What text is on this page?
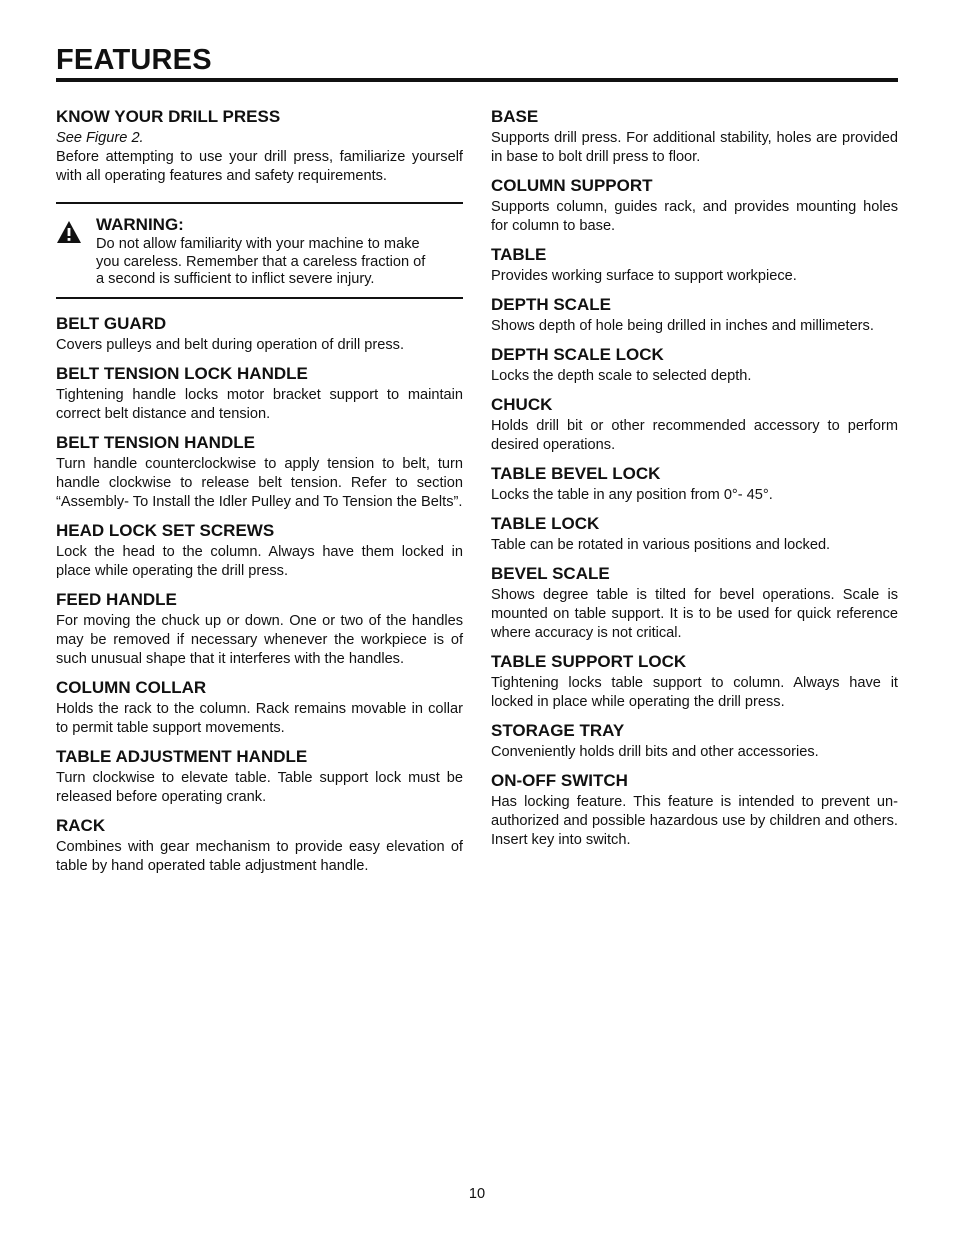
FEATURES
KNOW YOUR DRILL PRESS
See Figure 2.
Before attempting to use your drill press, familiarize yourself with all operating features and safety requirements.
WARNING:
Do not allow familiarity with your machine to make you careless. Remember that a careless fraction of a second is sufficient to inflict severe injury.
BELT GUARD
Covers pulleys and belt during operation of drill press.
BELT TENSION LOCK HANDLE
Tightening handle locks motor bracket support to maintain correct belt distance and tension.
BELT TENSION HANDLE
Turn handle counterclockwise to apply tension to belt, turn handle clockwise to release belt tension. Refer to section “Assembly- To Install the Idler Pulley and To Tension the Belts”.
HEAD LOCK SET SCREWS
Lock the head to the column. Always have them locked in place while operating the drill press.
FEED HANDLE
For moving the chuck up or down. One or two of the handles may be removed if necessary whenever the workpiece is of such unusual shape that it interferes with the handles.
COLUMN COLLAR
Holds the rack to the column. Rack remains movable in collar to permit table support movements.
TABLE ADJUSTMENT HANDLE
Turn clockwise to elevate table. Table support lock must be released before operating crank.
RACK
Combines with gear mechanism to provide easy elevation of table by hand operated table adjustment handle.
BASE
Supports drill press. For additional stability, holes are provided in base to bolt drill press to floor.
COLUMN SUPPORT
Supports column, guides rack, and provides mounting holes for column to base.
TABLE
Provides working surface to support workpiece.
DEPTH SCALE
Shows depth of hole being drilled in inches and millimeters.
DEPTH SCALE LOCK
Locks the depth scale to selected depth.
CHUCK
Holds drill bit or other recommended accessory to perform desired operations.
TABLE BEVEL LOCK
Locks the table in any position from 0°- 45°.
TABLE LOCK
Table can be rotated in various positions and locked.
BEVEL SCALE
Shows degree table is tilted for bevel operations. Scale is mounted on table support. It is to be used for quick reference where accuracy is not critical.
TABLE SUPPORT LOCK
Tightening locks table support to column. Always have it locked in place while operating the drill press.
STORAGE TRAY
Conveniently holds drill bits and other accessories.
ON-OFF SWITCH
Has locking feature. This feature is intended to prevent un-authorized and possible hazardous use by children and others. Insert key into switch.
10
